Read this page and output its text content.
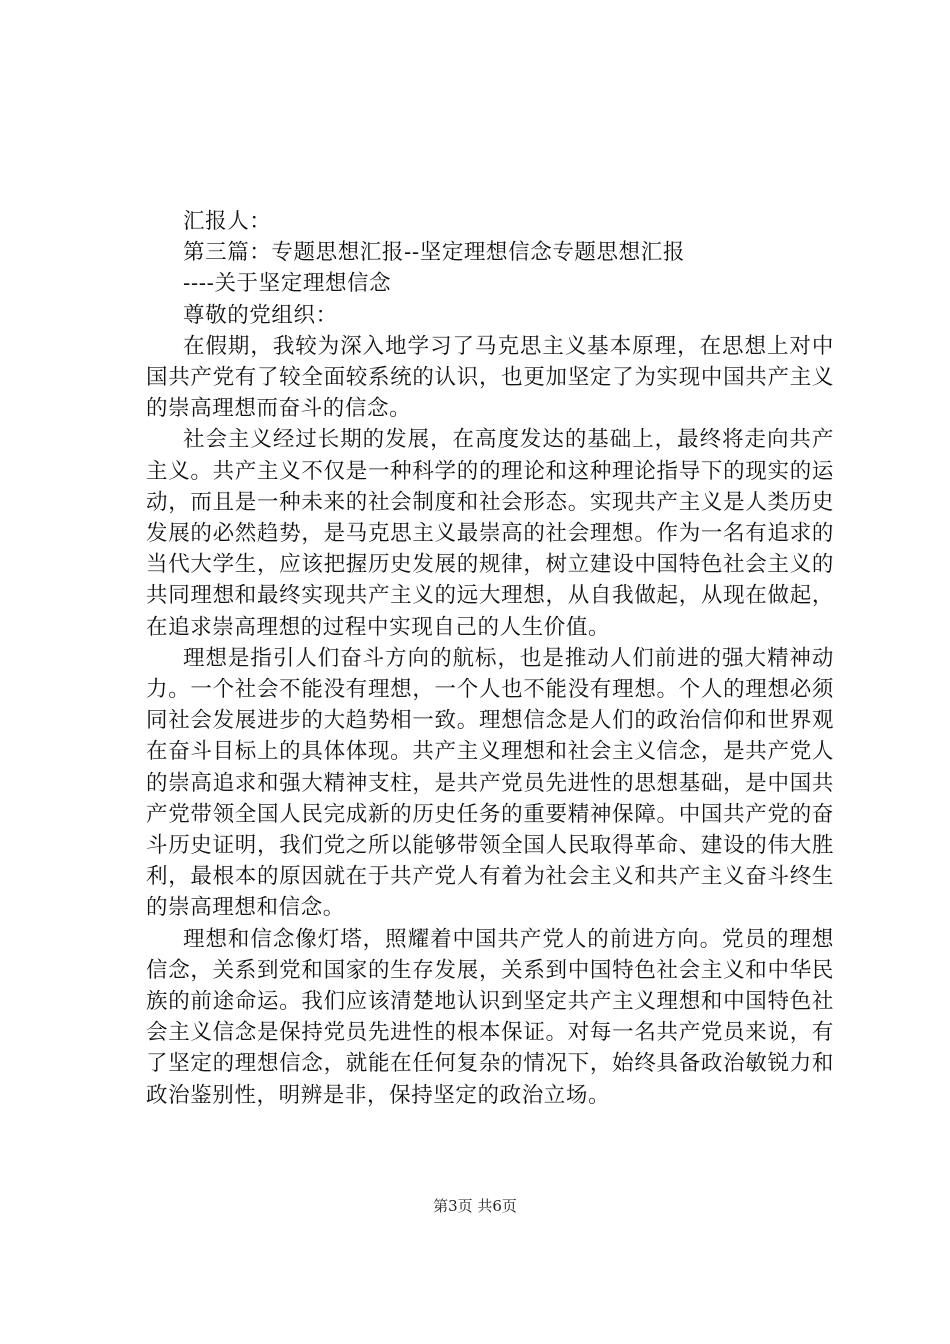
汇报人：
第三篇：专题思想汇报--坚定理想信念专题思想汇报
----关于坚定理想信念
尊敬的党组织：

在假期，我较为深入地学习了马克思主义基本原理，在思想上对中国共产党有了较全面较系统的认识，也更加坚定了为实现中国共产主义的崇高理想而奋斗的信念。

社会主义经过长期的发展，在高度发达的基础上，最终将走向共产主义。共产主义不仅是一种科学的的理论和这种理论指导下的现实的运动，而且是一种未来的社会制度和社会形态。实现共产主义是人类历史发展的必然趋势，是马克思主义最崇高的社会理想。作为一名有追求的当代大学生，应该把握历史发展的规律，树立建设中国特色社会主义的共同理想和最终实现共产主义的远大理想，从自我做起，从现在做起，在追求崇高理想的过程中实现自己的人生价值。

理想是指引人们奋斗方向的航标，也是推动人们前进的强大精神动力。一个社会不能没有理想，一个人也不能没有理想。个人的理想必须同社会发展进步的大趋势相一致。理想信念是人们的政治信仰和世界观在奋斗目标上的具体体现。共产主义理想和社会主义信念，是共产党人的崇高追求和强大精神支柱，是共产党员先进性的思想基础，是中国共产党带领全国人民完成新的历史任务的重要精神保障。中国共产党的奋斗历史证明，我们党之所以能够带领全国人民取得革命、建设的伟大胜利，最根本的原因就在于共产党人有着为社会主义和共产主义奋斗终生的崇高理想和信念。

理想和信念像灯塔，照耀着中国共产党人的前进方向。党员的理想信念，关系到党和国家的生存发展，关系到中国特色社会主义和中华民族的前途命运。我们应该清楚地认识到坚定共产主义理想和中国特色社会主义信念是保持党员先进性的根本保证。对每一名共产党员来说，有了坚定的理想信念，就能在任何复杂的情况下，始终具备政治敏锐力和政治鉴别性，明辨是非，保持坚定的政治立场。

第3页 共6页
